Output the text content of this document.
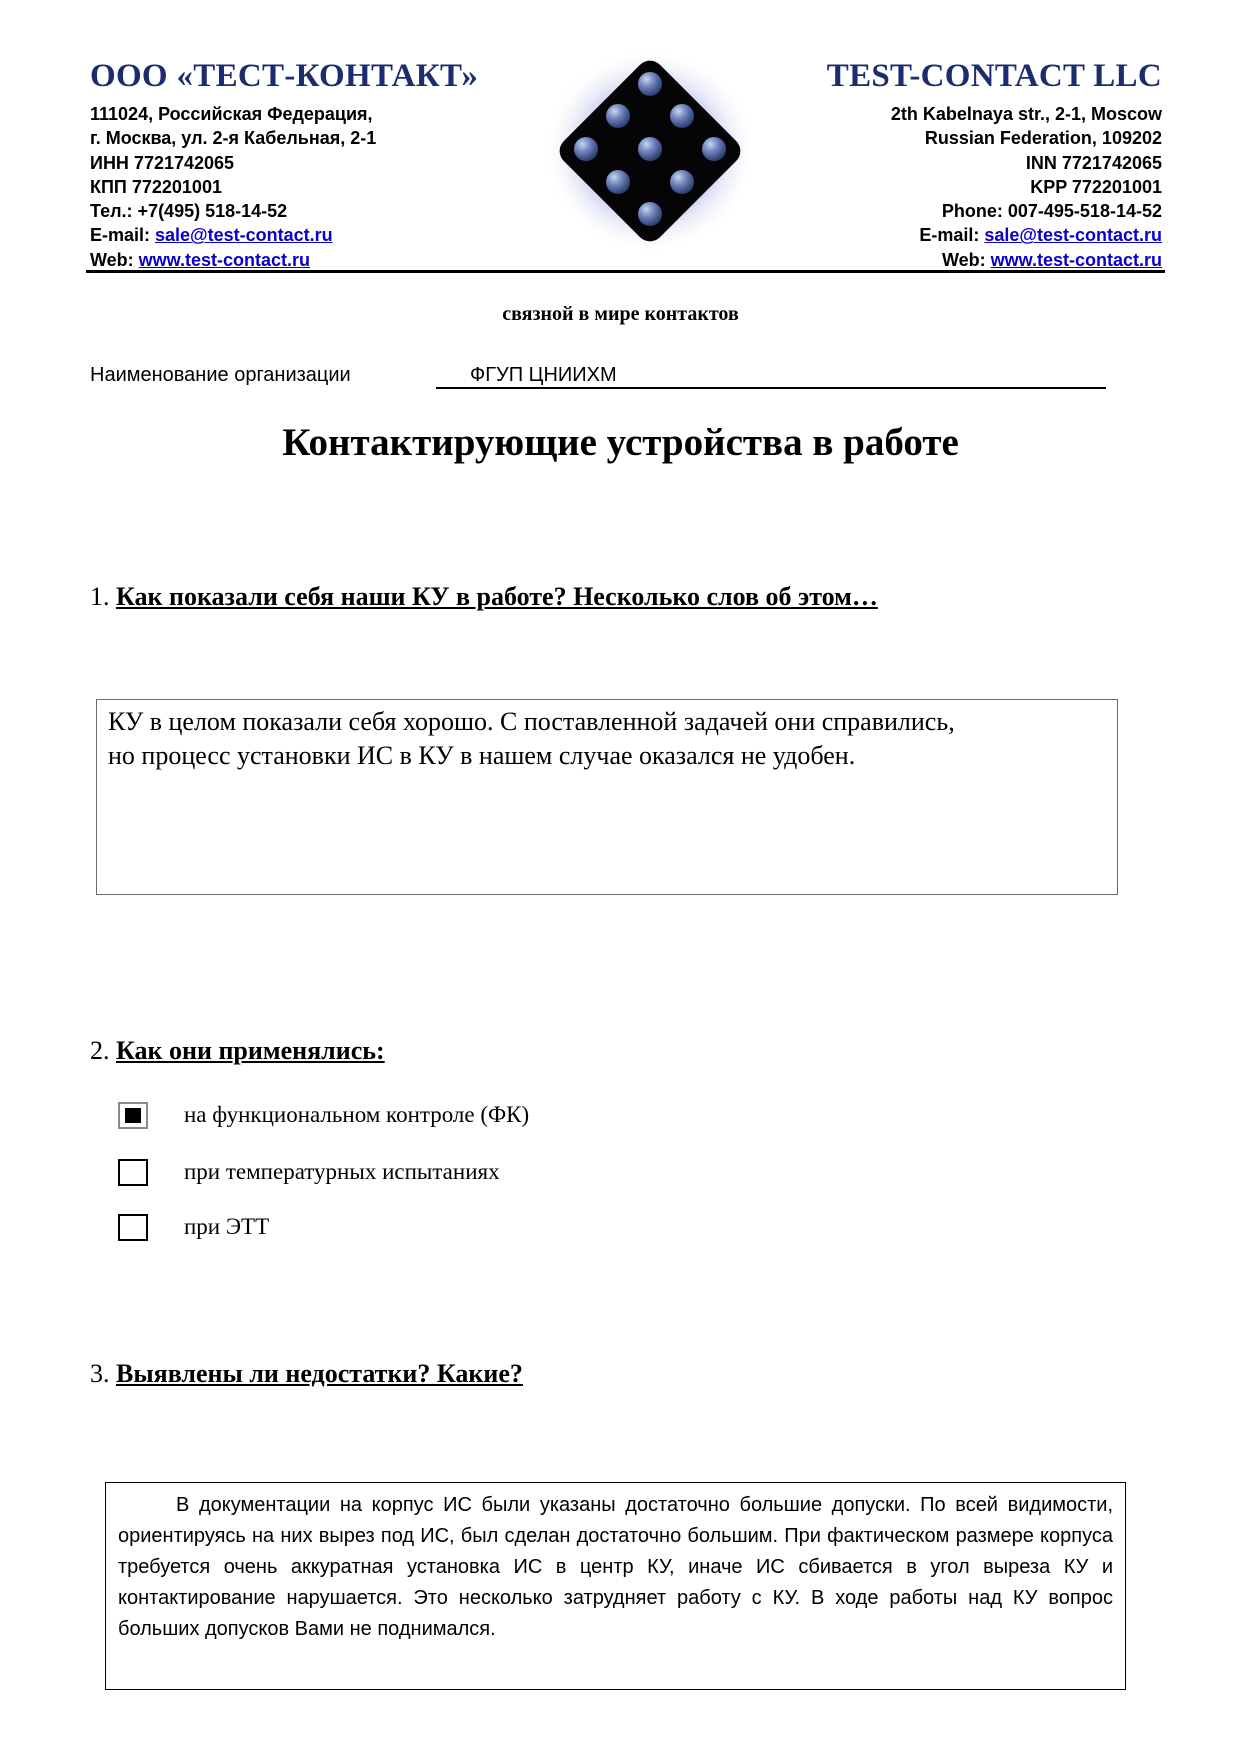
ООО «ТЕСТ-КОНТАКТ»	TEST-CONTACT LLC
111024, Российская Федерация,
г. Москва, ул. 2-я Кабельная, 2-1
ИНН 7721742065
КПП 772201001
Тел.: +7(495) 518-14-52
E-mail: sale@test-contact.ru
Web: www.test-contact.ru
2th Kabelnaya str., 2-1, Moscow
Russian Federation, 109202
INN 7721742065
KPP 772201001
Phone: 007-495-518-14-52
E-mail: sale@test-contact.ru
Web: www.test-contact.ru
связной в мире контактов
Наименование организации	ФГУП ЦНИИХМ
Контактирующие устройства в работе
1. Как показали себя наши КУ в работе? Несколько слов об этом…
КУ в целом показали себя хорошо. С поставленной задачей они справились,
но процесс установки ИС в КУ в нашем случае оказался не удобен.
2. Как они применялись:
на функциональном контроле (ФК)
при температурных испытаниях
при ЭТТ
3. Выявлены ли недостатки? Какие?
В документации на корпус ИС были указаны достаточно большие допуски. По всей видимости, ориентируясь на них вырез под ИС, был сделан достаточно большим. При фактическом размере корпуса требуется очень аккуратная установка ИС в центр КУ, иначе ИС сбивается в угол выреза КУ и контактирование нарушается. Это несколько затрудняет работу с КУ. В ходе работы над КУ вопрос больших допусков Вами не поднимался.
